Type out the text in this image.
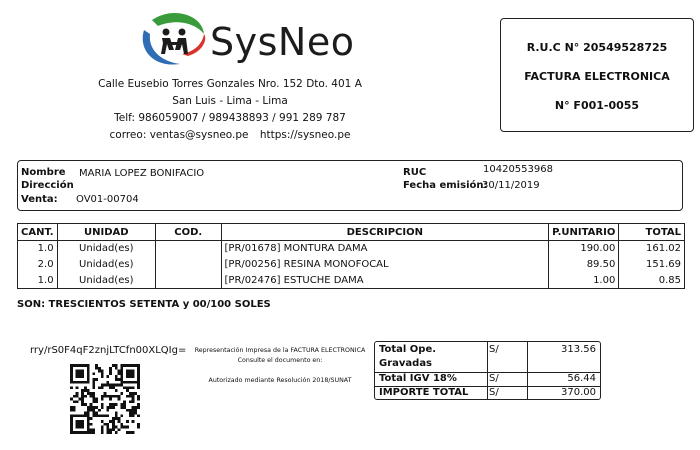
SysNeo
Calle Eusebio Torres Gonzales Nro. 152 Dto. 401 A
San Luis - Lima - Lima
Telf: 986059007 / 989438893 / 991 289 787
correo: ventas@sysneo.pe https://sysneo.pe
R.U.C N° 20549528725
FACTURA ELECTRONICA
N° F001-0055
Nombre MARIA LOPEZ BONIFACIO
Dirección
Venta: OV01-00704
RUC	10420553968
Fecha emisión:
30/11/2019
CANT.	UNIDAD	COD.	DESCRIPCION	P.UNITARIO	TOTAL
1.0	Unidad(es)		[PR/01678] MONTURA DAMA	190.00	161.02
2.0	Unidad(es)		[PR/00256] RESINA MONOFOCAL	89.50	151.69
1.0	Unidad(es)		[PR/02476] ESTUCHE DAMA	1.00	0.85
SON: TRESCIENTOS SETENTA y 00/100 SOLES
rry/rS0F4qF2znjLTCfn00XLQIg=	Representación Impresa de la FACTURA ELECTRONICA
Consulte el documento en:
Autorizado mediante Resolución 2018/SUNAT
Total Ope.
Gravadas
S/	313.56
Total IGV 18%	S/	56.44
IMPORTE TOTAL S/	370.00
